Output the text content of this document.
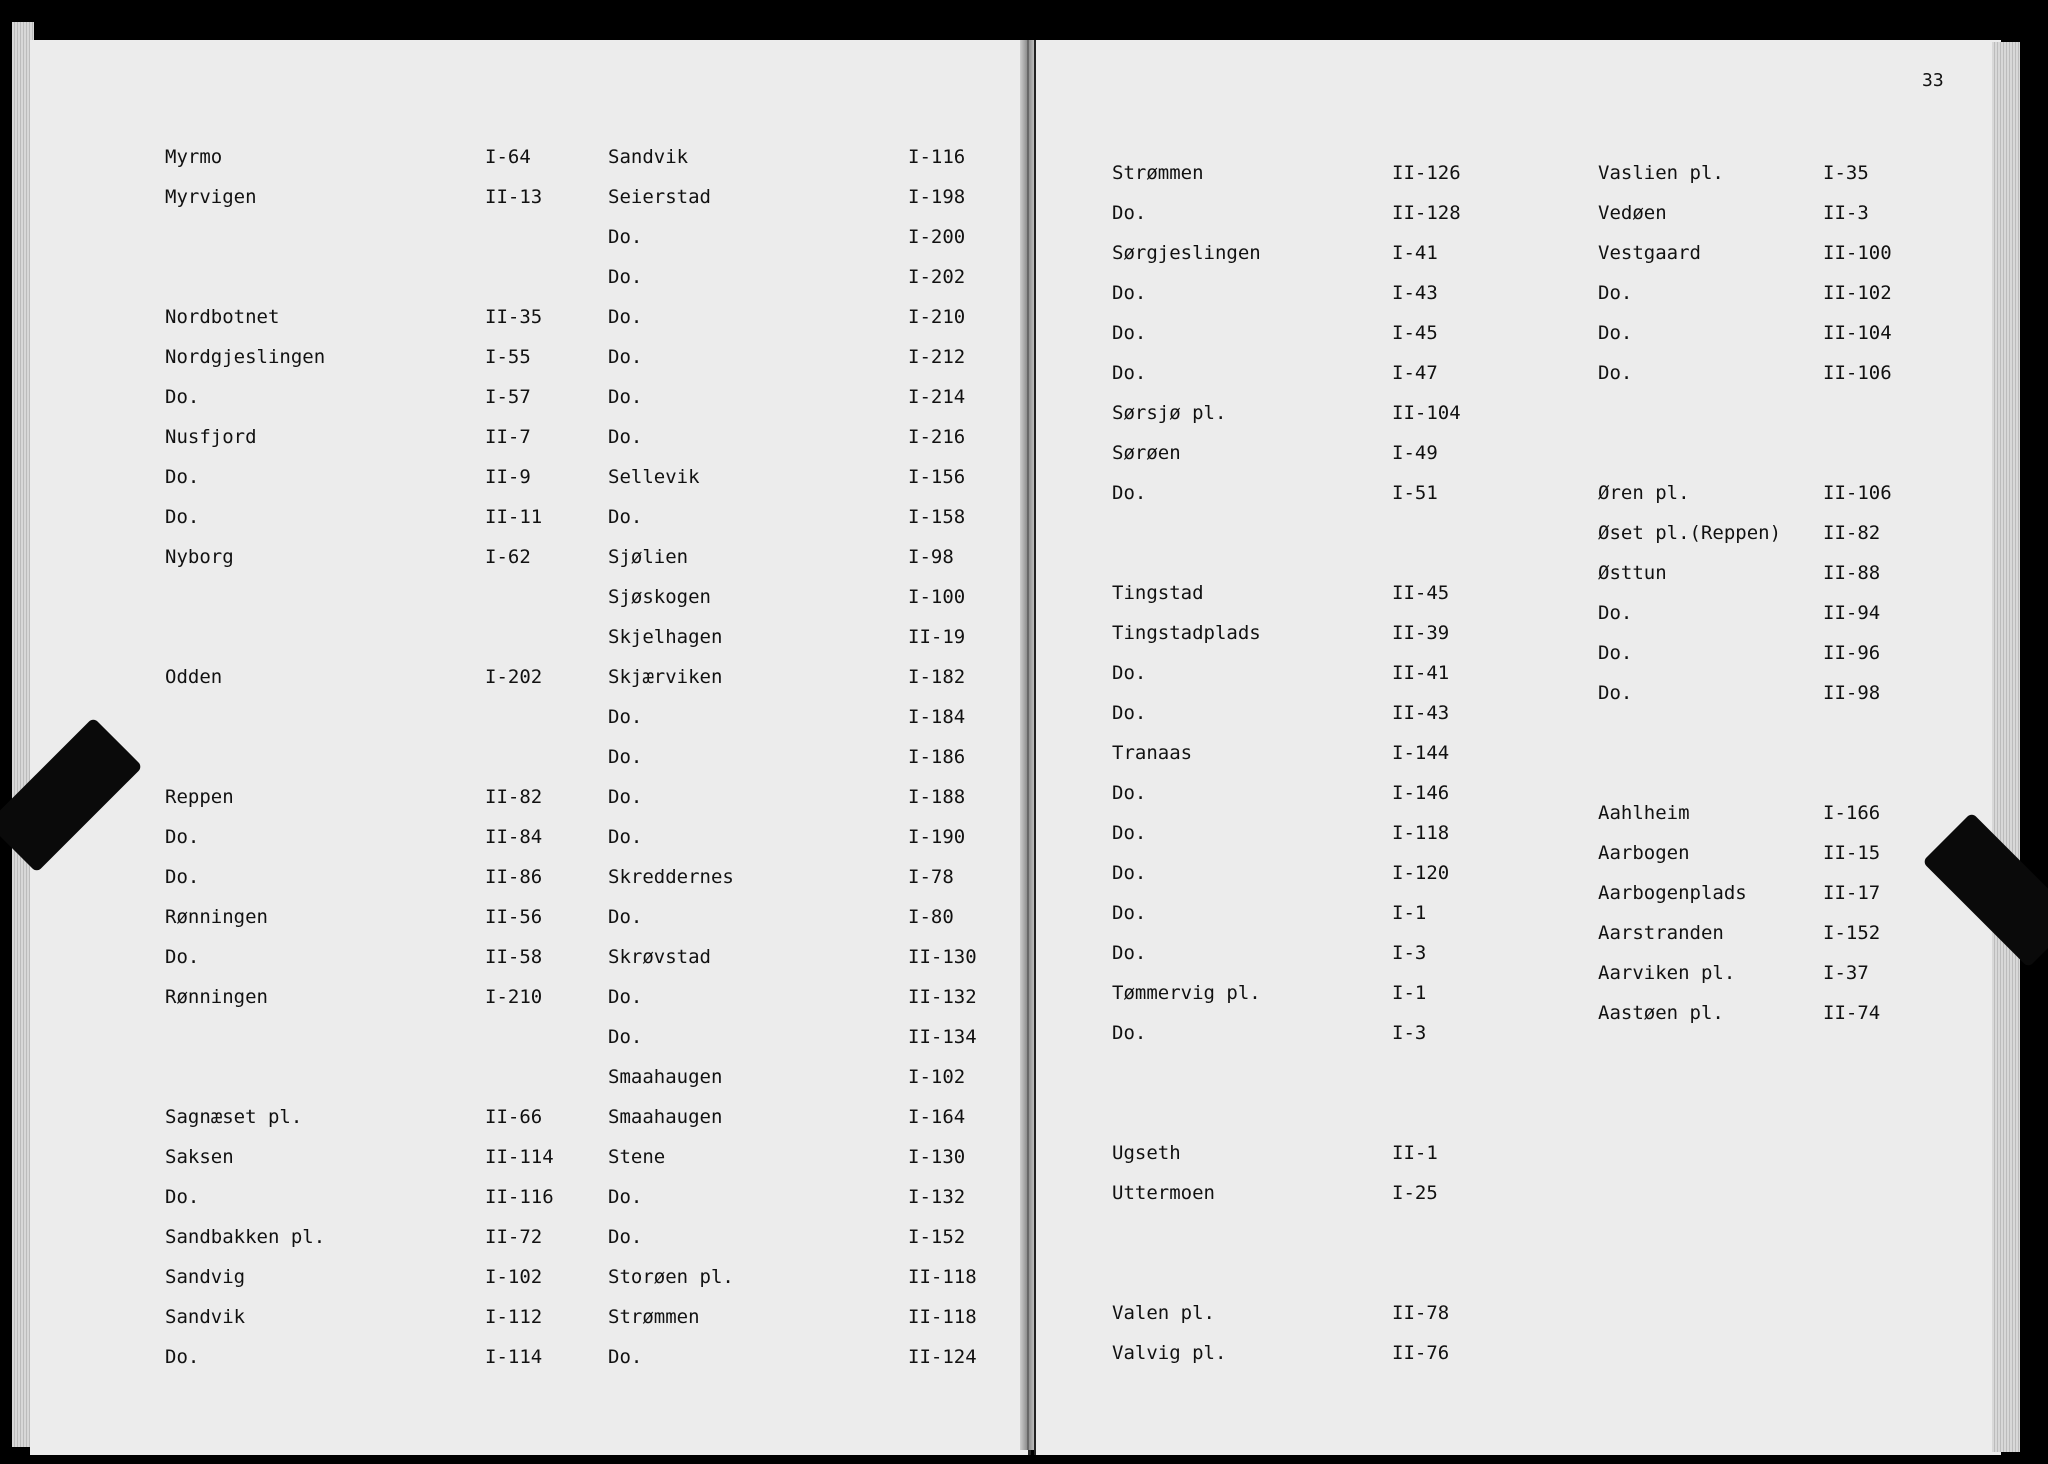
Myrmo	I-64
Myrvigen	II-13
Nordbotnet	II-35
Nordgjeslingen	I-55
Do.	I-57
Nusfjord	II-7
Do.	II-9
Do.	II-11
Nyborg	I-62
Odden	I-202
Reppen	II-82
Do.	II-84
Do.	II-86
Rønningen	II-56
Do.	II-58
Rønningen	I-210
Sagnæset pl.	II-66
Saksen	II-114
Do.	II-116
Sandbakken pl.	II-72
Sandvig	I-102
Sandvik	I-112
Do.	I-114
Sandvik	I-116
Seierstad	I-198
Do.	I-200
Do.	I-202
Do.	I-210
Do.	I-212
Do.	I-214
Do.	I-216
Sellevik	I-156
Do.	I-158
Sjølien	I-98
Sjøskogen	I-100
Skjelhagen	II-19
Skjærviken	I-182
Do.	I-184
Do.	I-186
Do.	I-188
Do.	I-190
Skreddernes	I-78
Do.	I-80
Skrøvstad	II-130
Do.	II-132
Do.	II-134
Smaahaugen	I-102
Smaahaugen	I-164
Stene	I-130
Do.	I-132
Do.	I-152
Storøen pl.	II-118
Strømmen	II-118
Do.	II-124
Strømmen	II-126
Do.	II-128
Sørgjeslingen	I-41
Do.	I-43
Do.	I-45
Do.	I-47
Sørsjø pl.	II-104
Sørøen	I-49
Do.	I-51
Tingstad	II-45
Tingstadplads	II-39
Do.	II-41
Do.	II-43
Tranaas	I-144
Do.	I-146
Do.	I-118
Do.	I-120
Do.	I-1
Do.	I-3
Tømmervig pl.	I-1
Do.	I-3
Ugseth	II-1
Uttermoen	I-25
Valen pl.	II-78
Valvig pl.	II-76
Vaslien pl.	I-35
Vedøen	II-3
Vestgaard	II-100
Do.	II-102
Do.	II-104
Do.	II-106
Øren pl.	II-106
Øset pl.(Reppen) II-82
Østtun	II-88
Do.	II-94
Do.	II-96
Do.	II-98
Aahlheim	I-166
Aarbogen	II-15
Aarbogenplads	II-17
Aarstranden	I-152
Aarviken pl.	I-37
Aastøen pl.	II-74
33
